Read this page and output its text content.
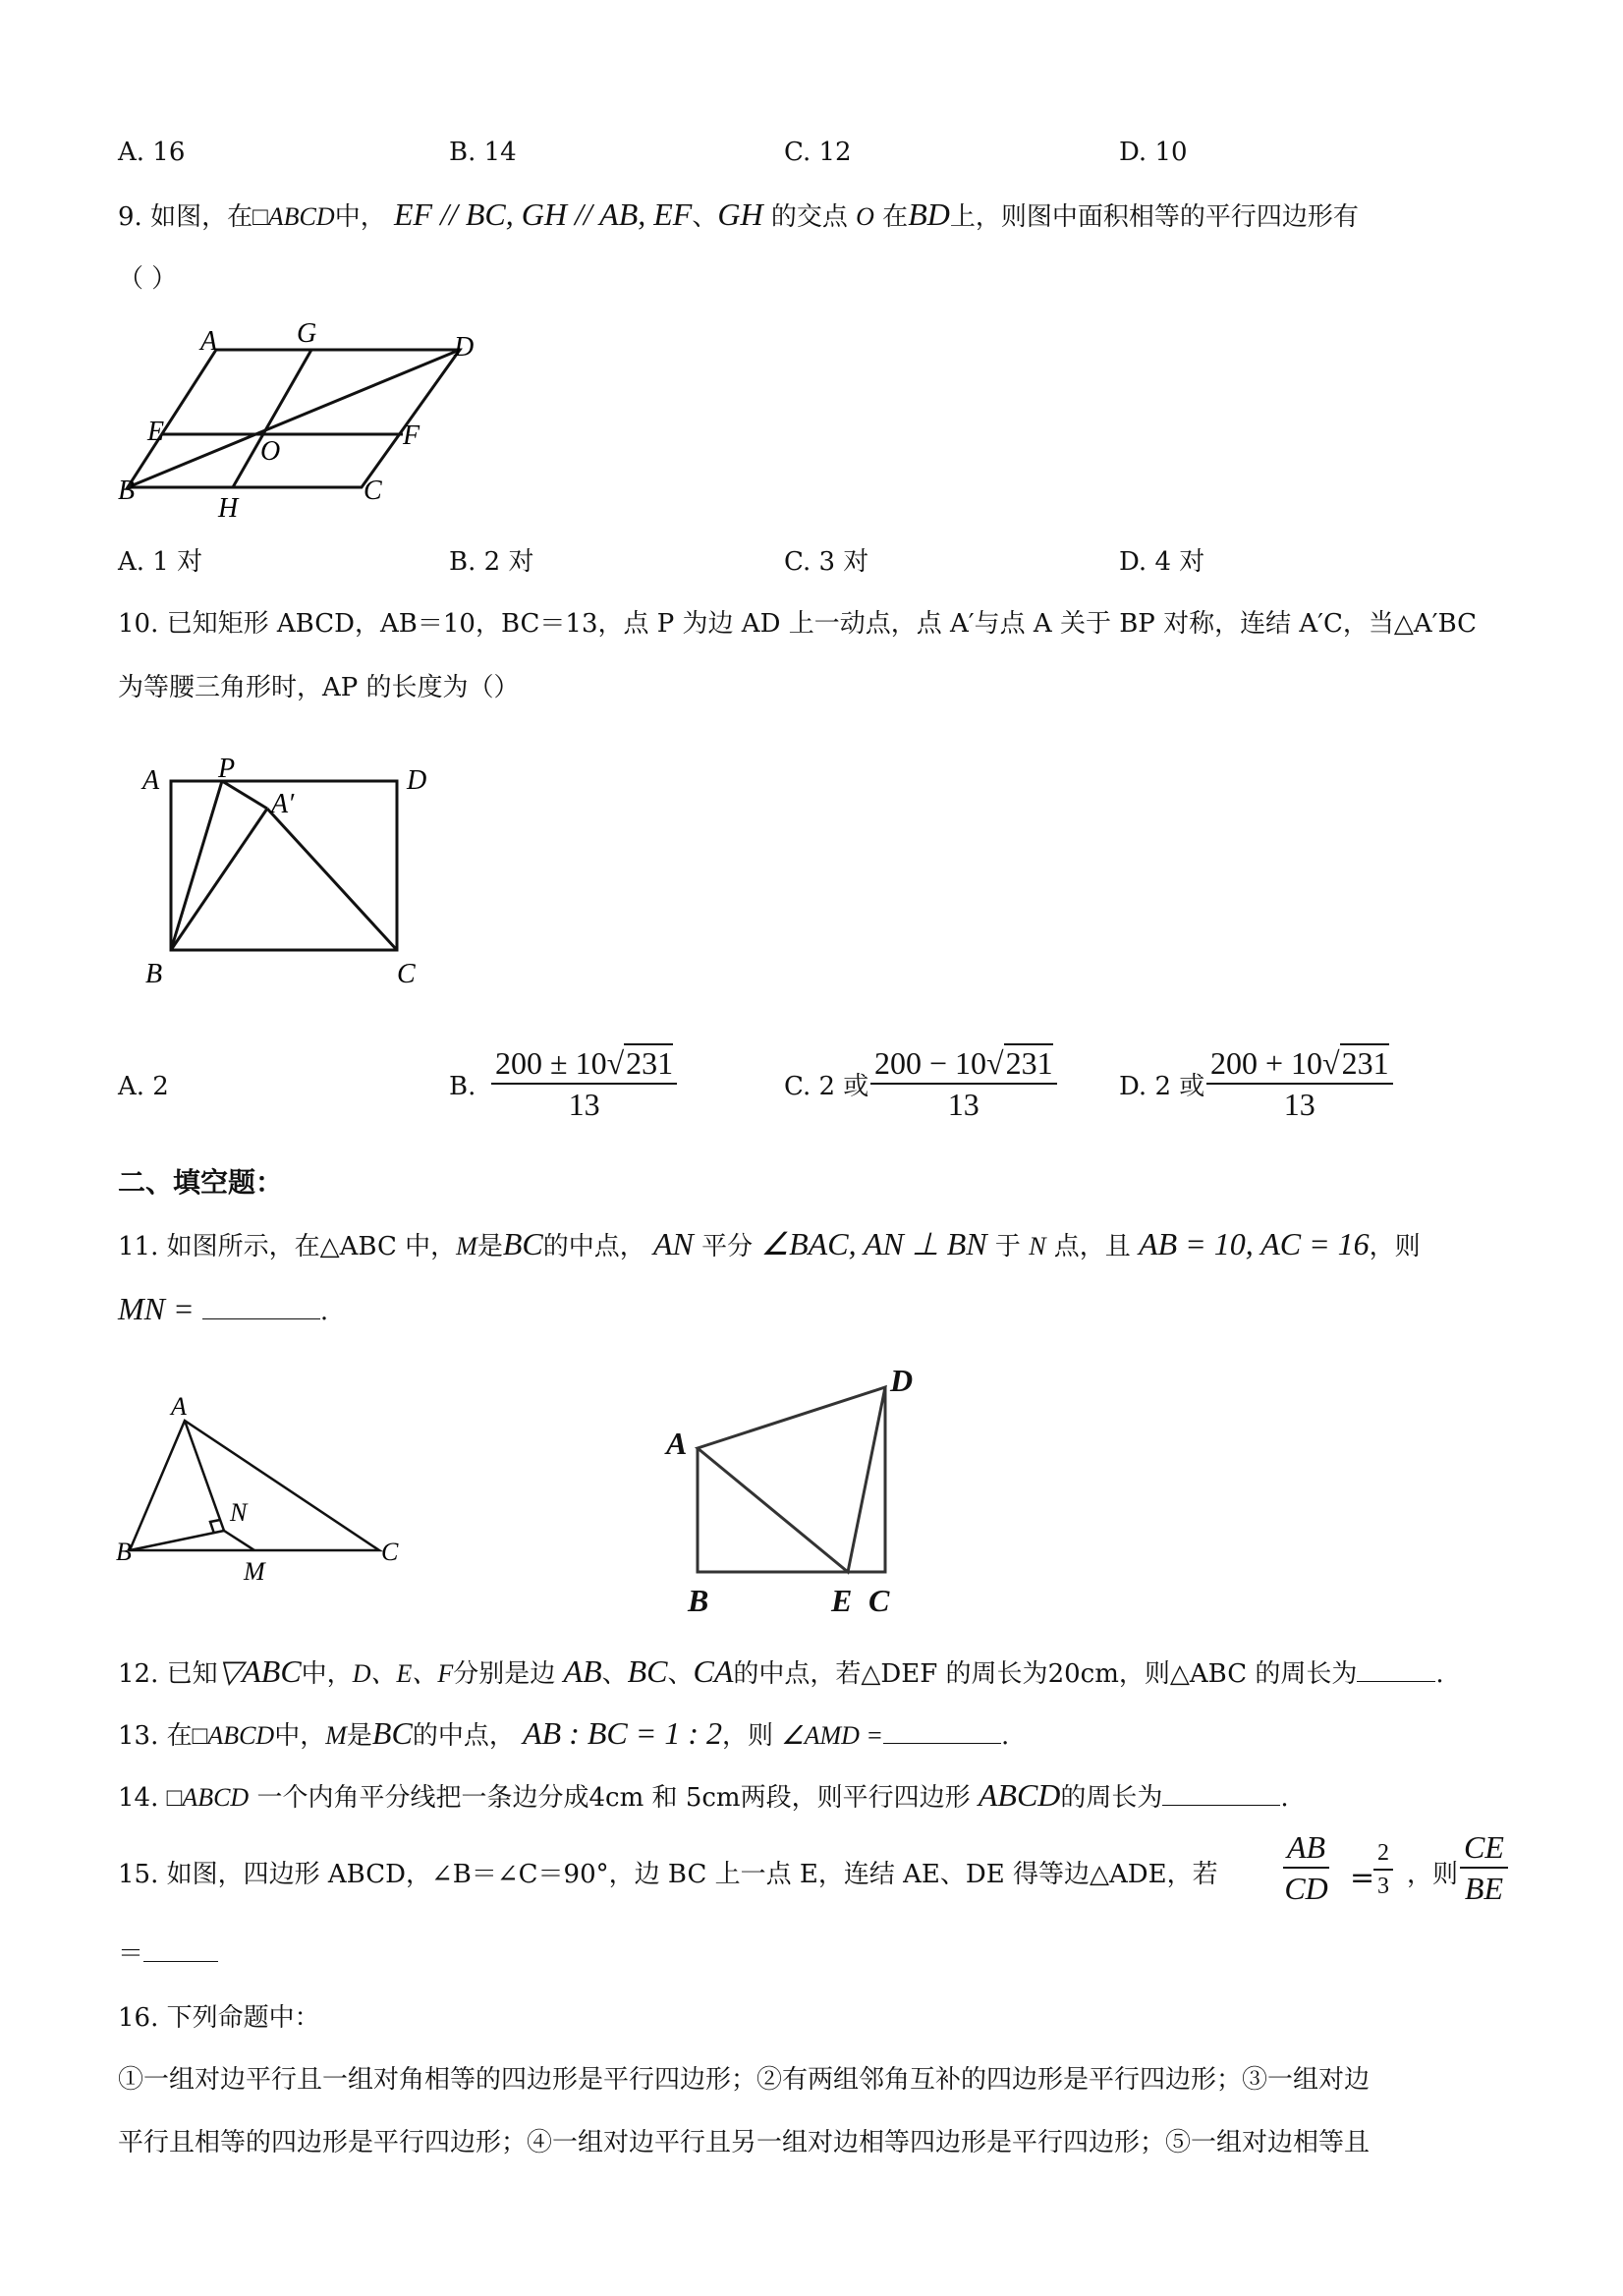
A. 16	B. 14	C. 12	D. 10
9. 如图，在□ABCD中， EF // BC, GH // AB, EF、GH 的交点 O 在BD上，则图中面积相等的平行四边形有
（ ）
A	G	D
E
O
F
B
H
C
A. 1 对	B. 2 对	C. 3 对	D. 4 对
10. 已知矩形 ABCD，AB＝10，BC＝13，点 P 为边 AD 上一动点，点 A′与点 A 关于 BP 对称，连结 A′C，当△A′BC
为等腰三角形时，AP 的长度为（）
A P	D
A′
B	C
A. 2	B. $\frac{200 \pm 10√231}{13}$	C. 2 或 $\frac{200 - 10√231}{13} D$. 2 或 $\frac{200 + 10√231}{13}$
二、填空题：
11. 如图所示，在△ABC 中，M是BC的中点， AN 平分 ∠BAC, AN ⊥ BN 于 N 点，且 AB = 10, AC = 16，则
MN =	.
A
N
B
M
C
D
A
B	E C
12. 已知▽ABC中，D、E、F分别是边 AB、BC、CA的中点，若△DEF 的周长为20cm，则△ABC 的周长为	.
13. 在□ABCD中，M是BC的中点， AB : BC = 1 : 2，则 ∠AMD =	.
14. □ABCD 一个内角平分线把一条边分成4cm 和 5cm两段，则平行四边形 ABCD的周长为	.
15. 如图，四边形 ABCD，∠B＝∠C＝90°，边 BC 上一点 E，连结 AE、DE 得等边△ADE，若 $\frac{AB}{CD}$ =
$\frac{2}{3}$ ，则 $\frac{CE}{BE}$
＝
16. 下列命题中：
①一组对边平行且一组对角相等的四边形是平行四边形；②有两组邻角互补的四边形是平行四边形；③一组对边
平行且相等的四边形是平行四边形；④一组对边平行且另一组对边相等四边形是平行四边形；⑤一组对边相等且
